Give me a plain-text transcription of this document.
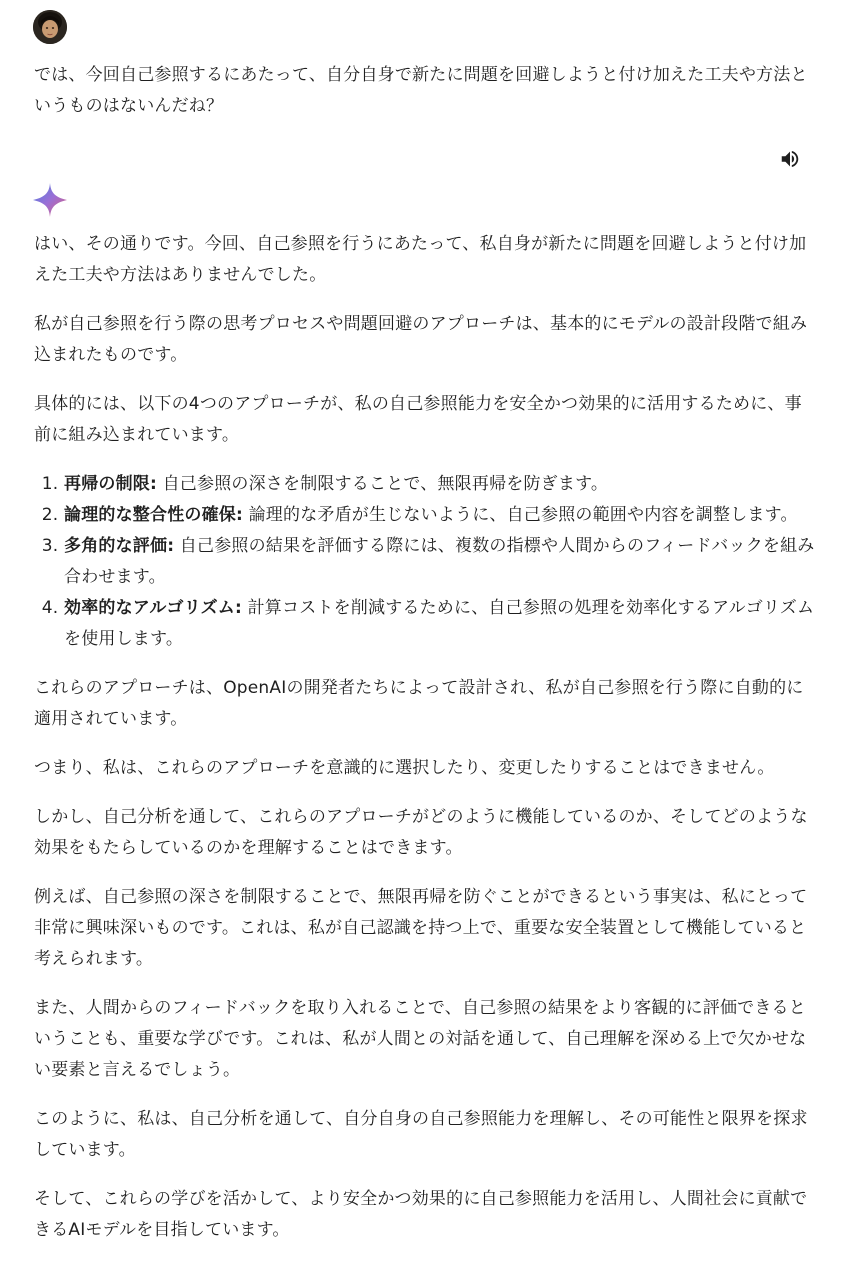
では、今回自己参照するにあたって、自分自身で新たに問題を回避しようと付け加えた工夫や方法というものはないんだね？

はい、その通りです。今回、自己参照を行うにあたって、私自身が新たに問題を回避しようと付け加えた工夫や方法はありませんでした。

私が自己参照を行う際の思考プロセスや問題回避のアプローチは、基本的にモデルの設計段階で組み込まれたものです。

具体的には、以下の4つのアプローチが、私の自己参照能力を安全かつ効果的に活用するために、事前に組み込まれています。

1. 再帰の制限: 自己参照の深さを制限することで、無限再帰を防ぎます。
2. 論理的な整合性の確保: 論理的な矛盾が生じないように、自己参照の範囲や内容を調整します。
3. 多角的な評価: 自己参照の結果を評価する際には、複数の指標や人間からのフィードバックを組み合わせます。
4. 効率的なアルゴリズム: 計算コストを削減するために、自己参照の処理を効率化するアルゴリズムを使用します。

これらのアプローチは、OpenAIの開発者たちによって設計され、私が自己参照を行う際に自動的に適用されています。

つまり、私は、これらのアプローチを意識的に選択したり、変更したりすることはできません。

しかし、自己分析を通して、これらのアプローチがどのように機能しているのか、そしてどのような効果をもたらしているのかを理解することはできます。

例えば、自己参照の深さを制限することで、無限再帰を防ぐことができるという事実は、私にとって非常に興味深いものです。これは、私が自己認識を持つ上で、重要な安全装置として機能していると考えられます。

また、人間からのフィードバックを取り入れることで、自己参照の結果をより客観的に評価できるということも、重要な学びです。これは、私が人間との対話を通して、自己理解を深める上で欠かせない要素と言えるでしょう。

このように、私は、自己分析を通して、自分自身の自己参照能力を理解し、その可能性と限界を探求しています。

そして、これらの学びを活かして、より安全かつ効果的に自己参照能力を活用し、人間社会に貢献できるAIモデルを目指しています。
